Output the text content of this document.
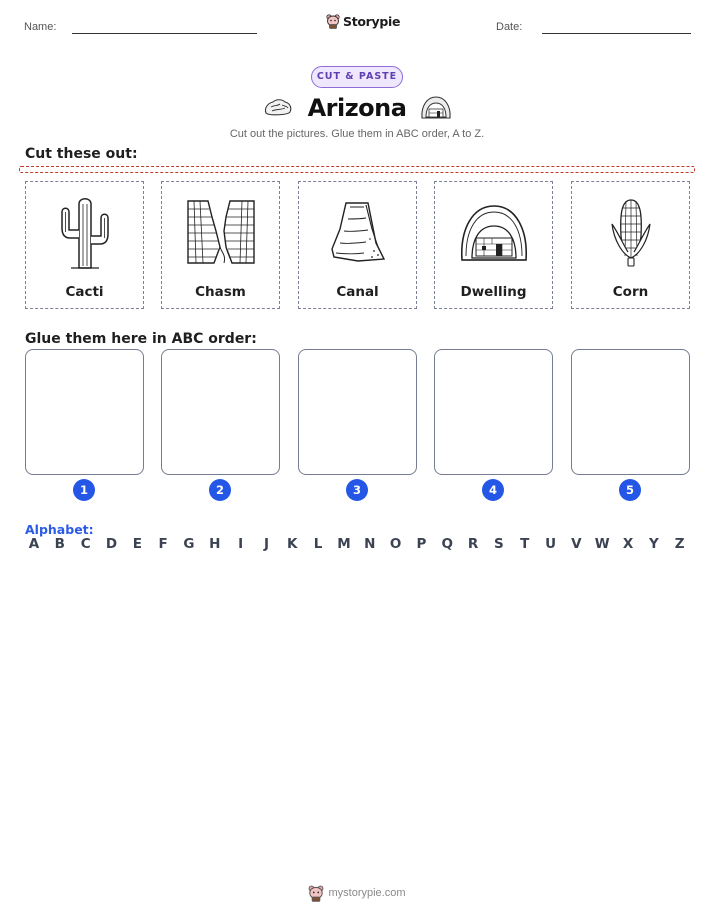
Name:	Storypie	Date:
CUT & PASTE
Arizona
Cut out the pictures. Glue them in ABC order, A to Z.
Cut these out:
Cacti	Chasm	Canal	Dwelling	Corn
Glue them here in ABC order:
1	2	3	4	5
Alphabet:
A B C D	E	F	G H	I	J	K	L	M N O P Q R	S	T	U V W X	Y	Z
mystorypie.com
